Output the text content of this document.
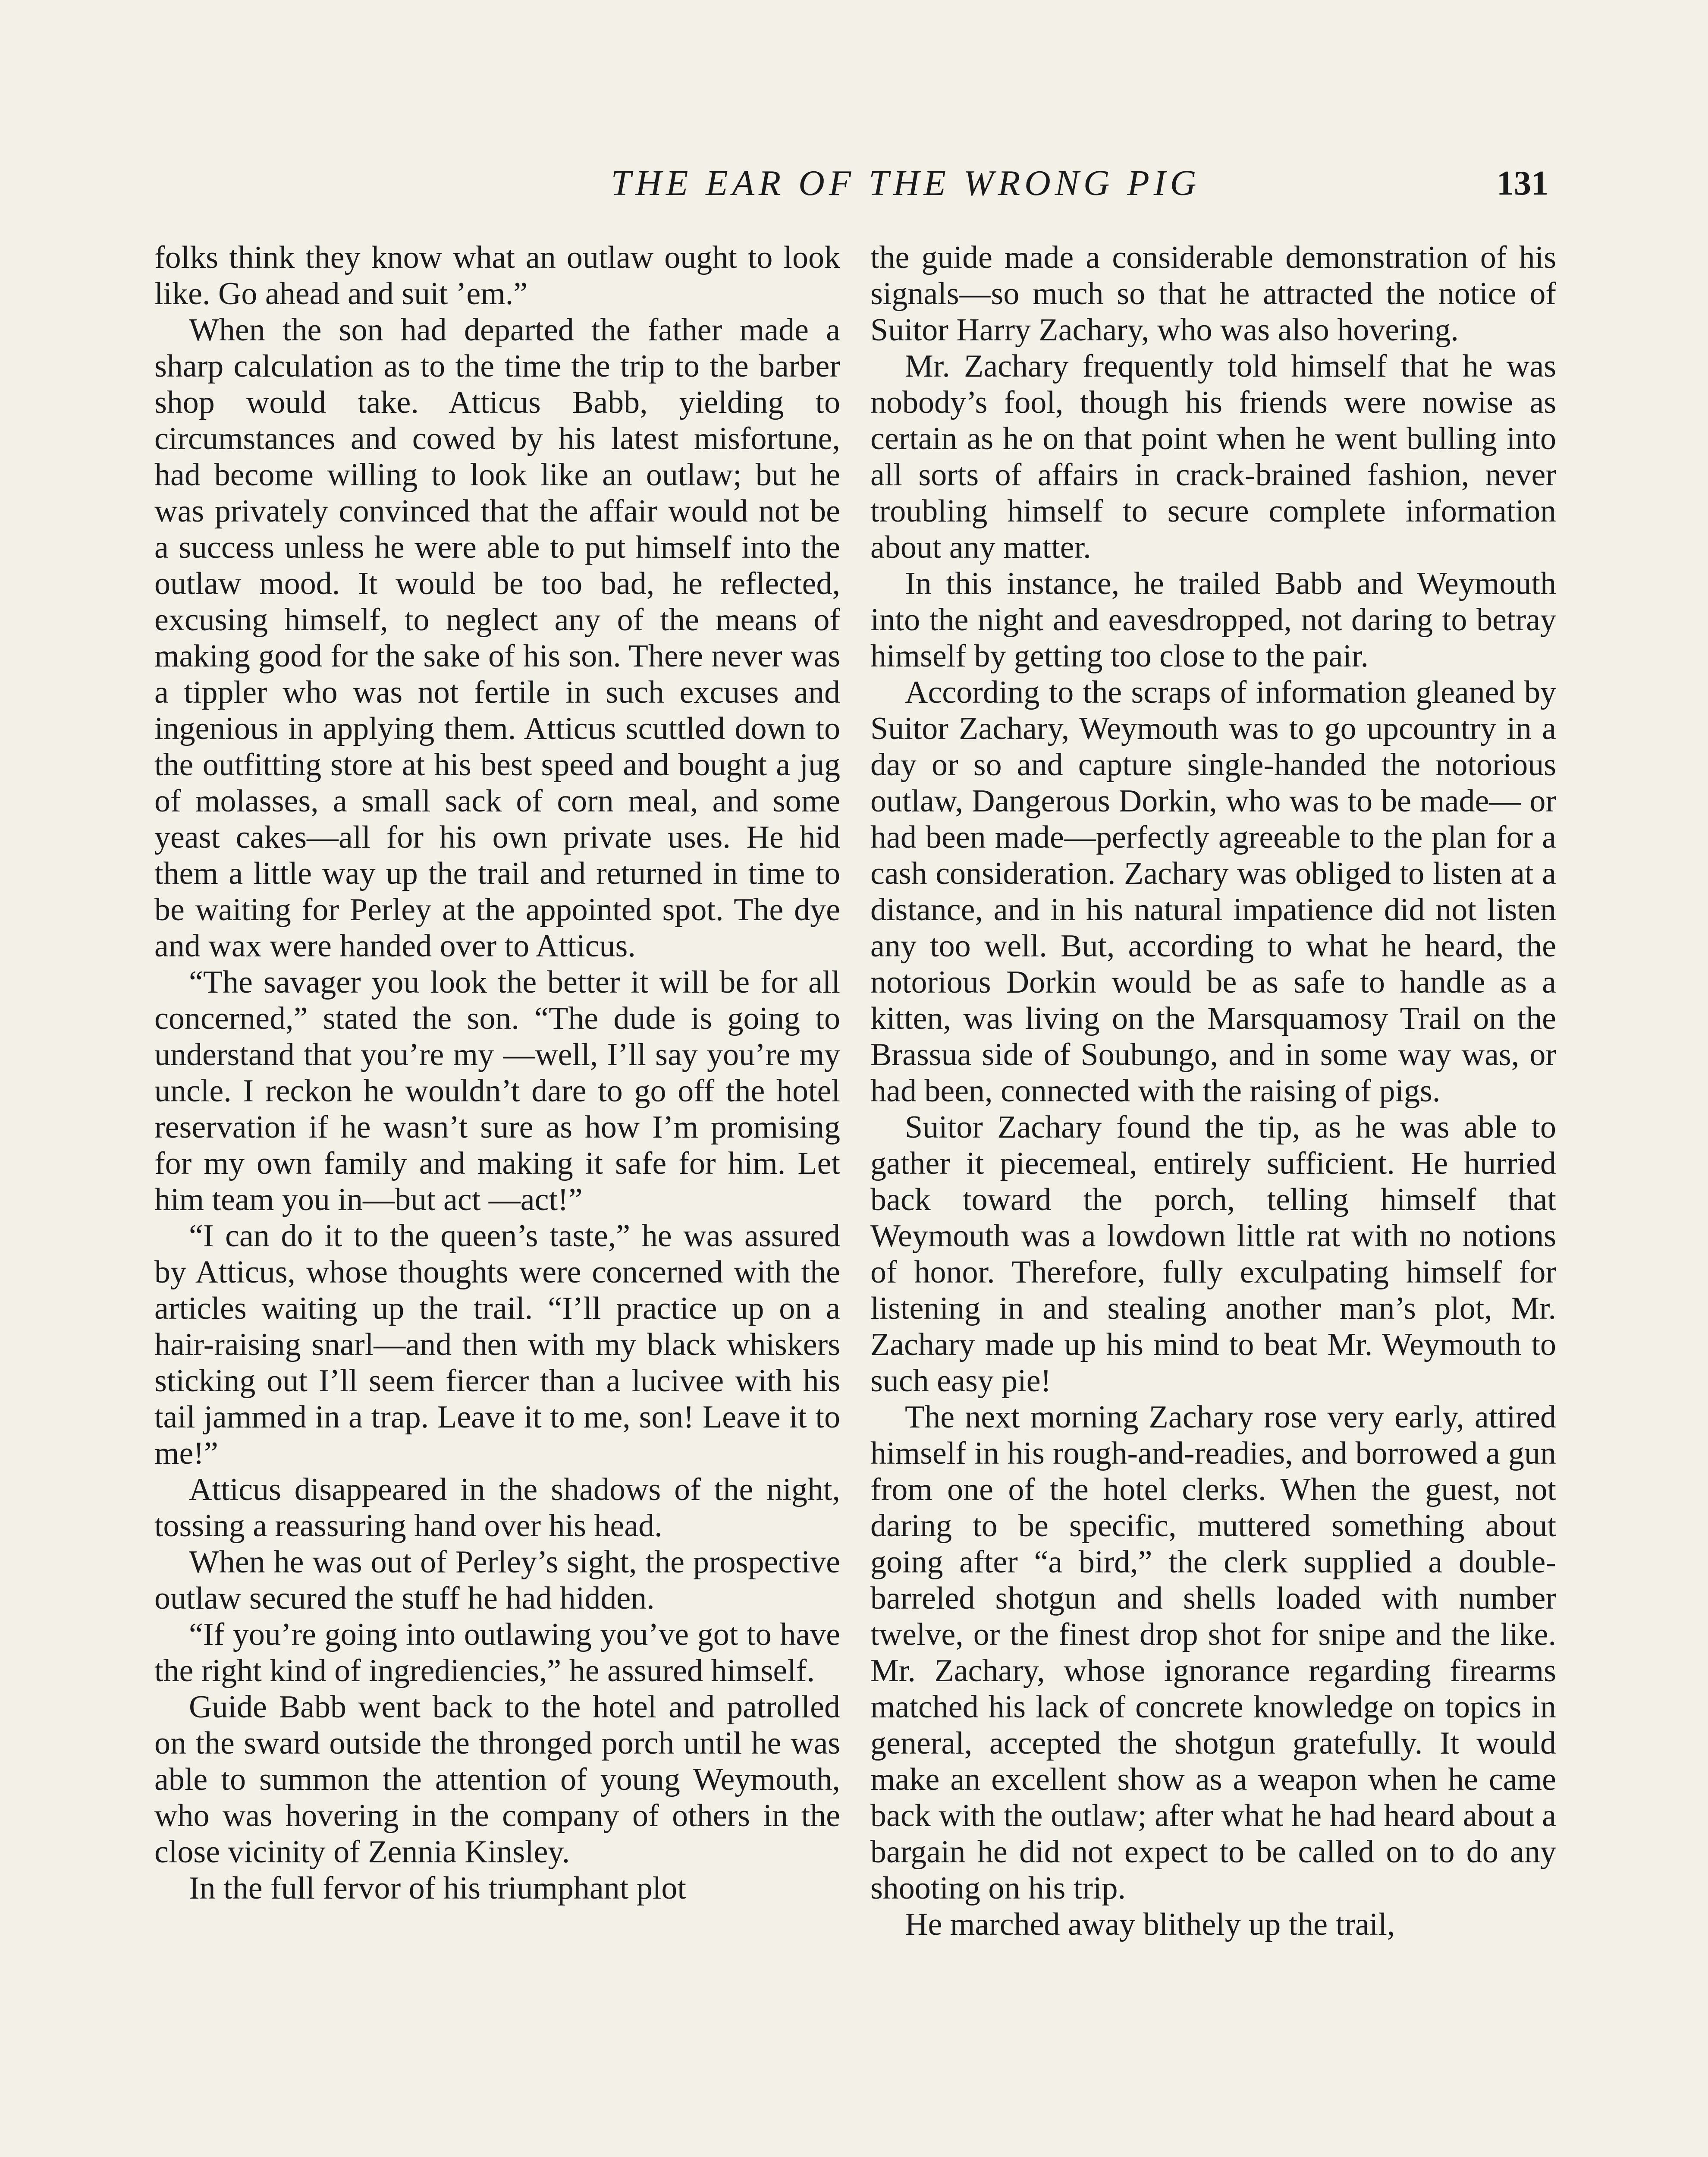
THE EAR OF THE WRONG PIG	131

folks think they know what an outlaw ought to look like. Go ahead and suit ’em.”

When the son had departed the father made a sharp calculation as to the time the trip to the barber shop would take. Atticus Babb, yielding to circumstances and cowed by his latest misfortune, had become willing to look like an outlaw; but he was privately convinced that the affair would not be a success unless he were able to put himself into the outlaw mood. It would be too bad, he reflected, excusing himself, to neglect any of the means of making good for the sake of his son. There never was a tippler who was not fertile in such excuses and ingenious in applying them. Atticus scuttled down to the outfitting store at his best speed and bought a jug of molasses, a small sack of corn meal, and some yeast cakes—all for his own private uses. He hid them a little way up the trail and returned in time to be waiting for Perley at the appointed spot. The dye and wax were handed over to Atticus.

“The savager you look the better it will be for all concerned,” stated the son. “The dude is going to understand that you’re my —well, I’ll say you’re my uncle. I reckon he wouldn’t dare to go off the hotel reservation if he wasn’t sure as how I’m promising for my own family and making it safe for him. Let him team you in—but act —act!”

“I can do it to the queen’s taste,” he was assured by Atticus, whose thoughts were concerned with the articles waiting up the trail. “I’ll practice up on a hair-raising snarl—and then with my black whiskers sticking out I’ll seem fiercer than a lucivee with his tail jammed in a trap. Leave it to me, son! Leave it to me!”

Atticus disappeared in the shadows of the night, tossing a reassuring hand over his head.

When he was out of Perley’s sight, the prospective outlaw secured the stuff he had hidden.

“If you’re going into outlawing you’ve got to have the right kind of ingrediencies,” he assured himself.

Guide Babb went back to the hotel and patrolled on the sward outside the thronged porch until he was able to summon the attention of young Weymouth, who was hovering in the company of others in the close vicinity of Zennia Kinsley.

In the full fervor of his triumphant plot

the guide made a considerable demonstration of his signals—so much so that he attracted the notice of Suitor Harry Zachary, who was also hovering.

Mr. Zachary frequently told himself that he was nobody’s fool, though his friends were nowise as certain as he on that point when he went bulling into all sorts of affairs in crack-brained fashion, never troubling himself to secure complete information about any matter.

In this instance, he trailed Babb and Weymouth into the night and eavesdropped, not daring to betray himself by getting too close to the pair.

According to the scraps of information gleaned by Suitor Zachary, Weymouth was to go upcountry in a day or so and capture single-handed the notorious outlaw, Dangerous Dorkin, who was to be made— or had been made—perfectly agreeable to the plan for a cash consideration. Zachary was obliged to listen at a distance, and in his natural impatience did not listen any too well. But, according to what he heard, the notorious Dorkin would be as safe to handle as a kitten, was living on the Marsquamosy Trail on the Brassua side of Soubungo, and in some way was, or had been, connected with the raising of pigs.

Suitor Zachary found the tip, as he was able to gather it piecemeal, entirely sufficient. He hurried back toward the porch, telling himself that Weymouth was a lowdown little rat with no notions of honor. Therefore, fully exculpating himself for listening in and stealing another man’s plot, Mr. Zachary made up his mind to beat Mr. Weymouth to such easy pie!

The next morning Zachary rose very early, attired himself in his rough-and-readies, and borrowed a gun from one of the hotel clerks. When the guest, not daring to be specific, muttered something about going after “a bird,” the clerk supplied a double-barreled shotgun and shells loaded with number twelve, or the finest drop shot for snipe and the like. Mr. Zachary, whose ignorance regarding firearms matched his lack of concrete knowledge on topics in general, accepted the shotgun gratefully. It would make an excellent show as a weapon when he came back with the outlaw; after what he had heard about a bargain he did not expect to be called on to do any shooting on his trip.

He marched away blithely up the trail,
